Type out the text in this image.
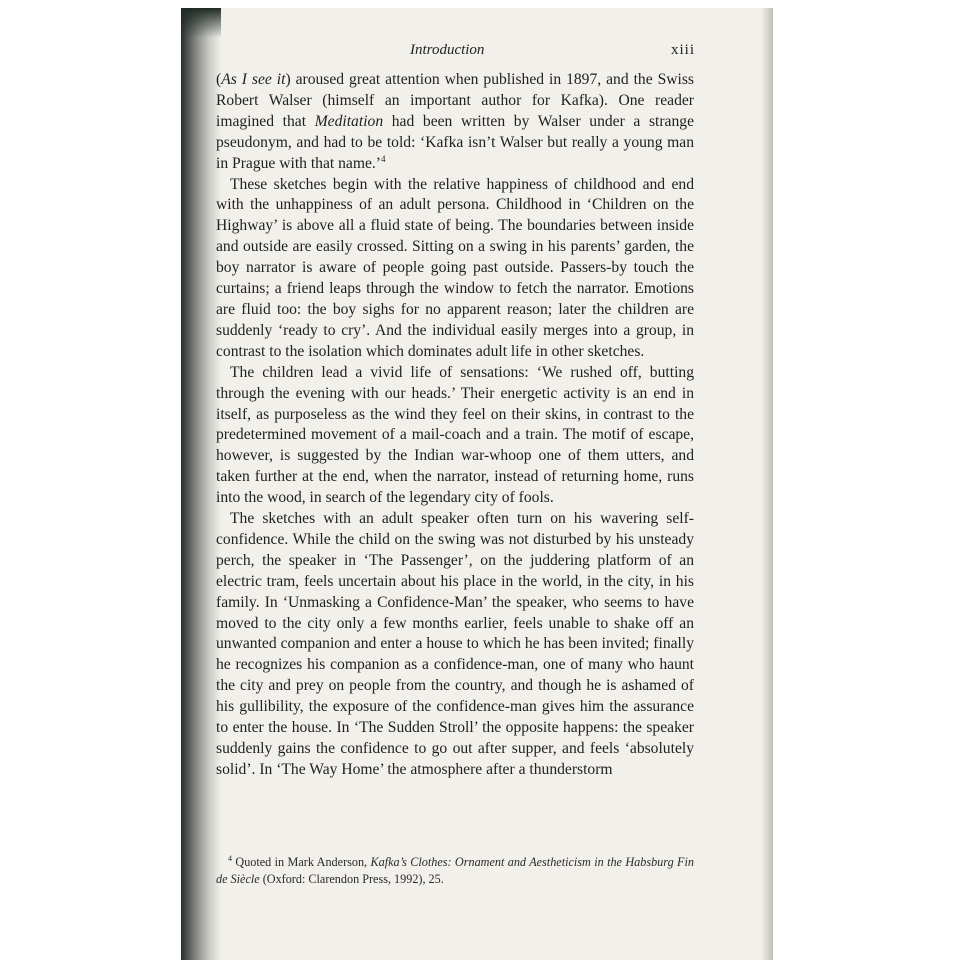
Introduction	xiii

(As I see it) aroused great attention when published in 1897, and the Swiss Robert Walser (himself an important author for Kafka). One reader imagined that Meditation had been written by Walser under a strange pseudonym, and had to be told: ‘Kafka isn’t Walser but really a young man in Prague with that name.’$^4$

These sketches begin with the relative happiness of childhood and end with the unhappiness of an adult persona. Childhood in ‘Children on the Highway’ is above all a fluid state of being. The boundaries between inside and outside are easily crossed. Sitting on a swing in his parents’ garden, the boy narrator is aware of people going past outside. Passers-by touch the curtains; a friend leaps through the window to fetch the narrator. Emotions are fluid too: the boy sighs for no apparent reason; later the children are suddenly ‘ready to cry’. And the individual easily merges into a group, in contrast to the isolation which dominates adult life in other sketches.

The children lead a vivid life of sensations: ‘We rushed off, butting through the evening with our heads.’ Their energetic activity is an end in itself, as purposeless as the wind they feel on their skins, in contrast to the predetermined movement of a mail-coach and a train. The motif of escape, however, is suggested by the Indian war-whoop one of them utters, and taken further at the end, when the narrator, instead of returning home, runs into the wood, in search of the legendary city of fools.

The sketches with an adult speaker often turn on his wavering self-confidence. While the child on the swing was not disturbed by his unsteady perch, the speaker in ‘The Passenger’, on the juddering platform of an electric tram, feels uncertain about his place in the world, in the city, in his family. In ‘Unmasking a Confidence-Man’ the speaker, who seems to have moved to the city only a few months earlier, feels unable to shake off an unwanted companion and enter a house to which he has been invited; finally he recognizes his companion as a confidence-man, one of many who haunt the city and prey on people from the country, and though he is ashamed of his gullibility, the exposure of the confidence-man gives him the assurance to enter the house. In ‘The Sudden Stroll’ the opposite happens: the speaker suddenly gains the confidence to go out after supper, and feels ‘absolutely solid’. In ‘The Way Home’ the atmosphere after a thunderstorm

$^4$ Quoted in Mark Anderson, Kafka’s Clothes: Ornament and Aestheticism in the Habsburg Fin de Siècle (Oxford: Clarendon Press, 1992), 25.
